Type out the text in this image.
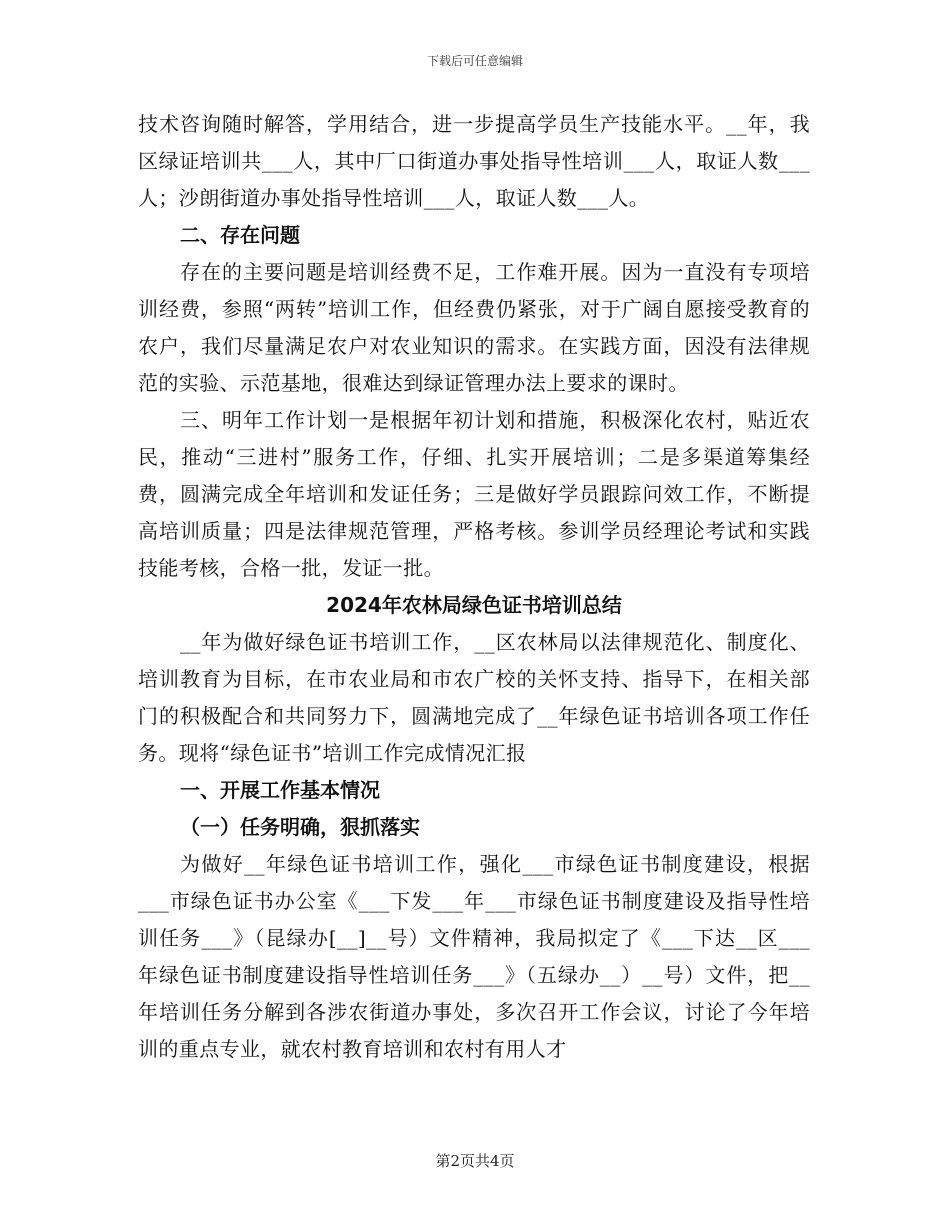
下载后可任意编辑

技术咨询随时解答，学用结合，进一步提高学员生产技能水平。__年，我区绿证培训共___人，其中厂口街道办事处指导性培训___人，取证人数___人；沙朗街道办事处指导性培训___人，取证人数___人。

二、存在问题

存在的主要问题是培训经费不足，工作难开展。因为一直没有专项培训经费，参照“两转”培训工作，但经费仍紧张，对于广阔自愿接受教育的农户，我们尽量满足农户对农业知识的需求。在实践方面，因没有法律规范的实验、示范基地，很难达到绿证管理办法上要求的课时。

三、明年工作计划一是根据年初计划和措施，积极深化农村，贴近农民，推动“三进村”服务工作，仔细、扎实开展培训；二是多渠道筹集经费，圆满完成全年培训和发证任务；三是做好学员跟踪问效工作，不断提高培训质量；四是法律规范管理，严格考核。参训学员经理论考试和实践技能考核，合格一批，发证一批。

2024年农林局绿色证书培训总结

__年为做好绿色证书培训工作，__区农林局以法律规范化、制度化、培训教育为目标，在市农业局和市农广校的关怀支持、指导下，在相关部门的积极配合和共同努力下，圆满地完成了__年绿色证书培训各项工作任务。现将“绿色证书”培训工作完成情况汇报

一、开展工作基本情况

（一）任务明确，狠抓落实

为做好__年绿色证书培训工作，强化___市绿色证书制度建设，根据___市绿色证书办公室《___下发___年___市绿色证书制度建设及指导性培训任务___》（昆绿办[__]__号）文件精神，我局拟定了《___下达__区___年绿色证书制度建设指导性培训任务___》（五绿办__）__号）文件，把__年培训任务分解到各涉农街道办事处，多次召开工作会议，讨论了今年培训的重点专业，就农村教育培训和农村有用人才

第2页共4页
